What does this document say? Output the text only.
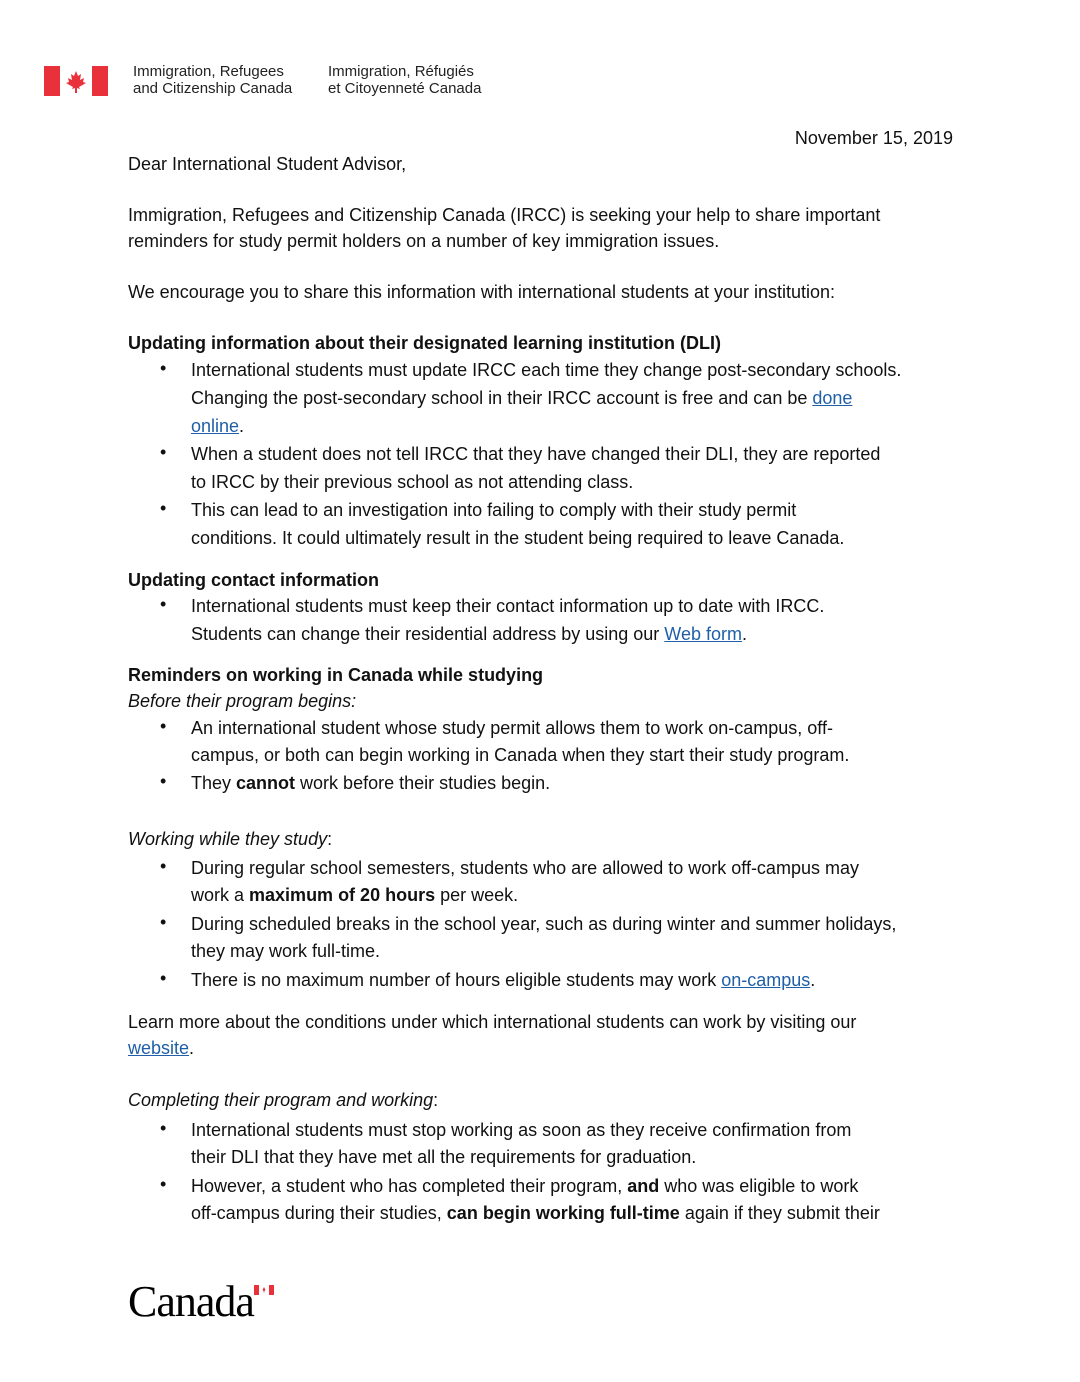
Immigration, Refugees
and Citizenship Canada
Immigration, Réfugiés
et Citoyenneté Canada
November 15, 2019
Dear International Student Advisor,
Immigration, Refugees and Citizenship Canada (IRCC) is seeking your help to share important
reminders for study permit holders on a number of key immigration issues.
We encourage you to share this information with international students at your institution:
Updating information about their designated learning institution (DLI)
International students must update IRCC each time they change post-secondary schools.
•
Changing the post-secondary school in their IRCC account is free and can be done
online.
When a student does not tell IRCC that they have changed their DLI, they are reported
•
to IRCC by their previous school as not attending class.
This can lead to an investigation into failing to comply with their study permit
•
conditions. It could ultimately result in the student being required to leave Canada.
Updating contact information
International students must keep their contact information up to date with IRCC.
•
Students can change their residential address by using our Web form.
Reminders on working in Canada while studying
Before their program begins:
An international student whose study permit allows them to work on-campus, off-
•
campus, or both can begin working in Canada when they start their study program.
They cannot work before their studies begin.
•
Working while they study:
During regular school semesters, students who are allowed to work off-campus may
•
work a maximum of 20 hours per week.
During scheduled breaks in the school year, such as during winter and summer holidays,
•
they may work full-time.
There is no maximum number of hours eligible students may work on-campus.
•
Learn more about the conditions under which international students can work by visiting our
website.
Completing their program and working:
International students must stop working as soon as they receive confirmation from
•
their DLI that they have met all the requirements for graduation.
However, a student who has completed their program, and who was eligible to work
•
off-campus during their studies, can begin working full-time again if they submit their
Canada
